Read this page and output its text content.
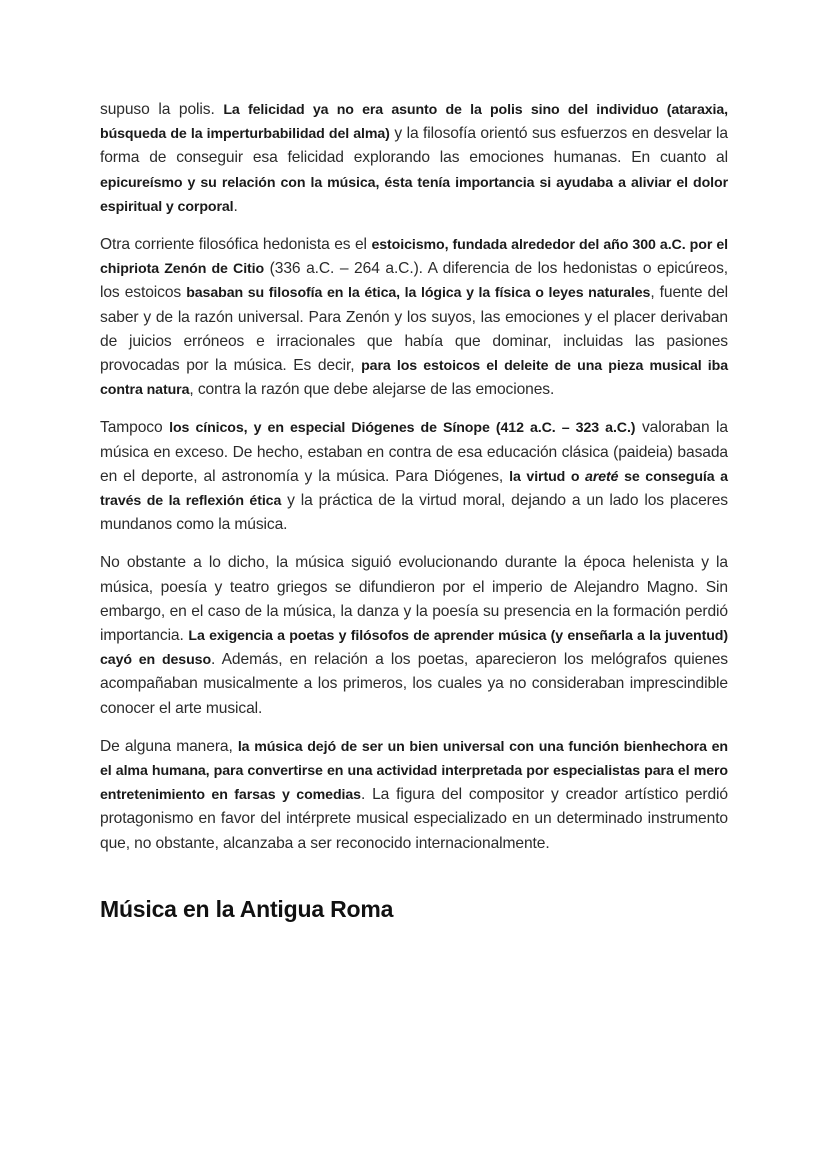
supuso la polis. La felicidad ya no era asunto de la polis sino del individuo (ataraxia, búsqueda de la imperturbabilidad del alma) y la filosofía orientó sus esfuerzos en desvelar la forma de conseguir esa felicidad explorando las emociones humanas. En cuanto al epicureísmo y su relación con la música, ésta tenía importancia si ayudaba a aliviar el dolor espiritual y corporal.

Otra corriente filosófica hedonista es el estoicismo, fundada alrededor del año 300 a.C. por el chipriota Zenón de Citio (336 a.C. – 264 a.C.). A diferencia de los hedonistas o epicúreos, los estoicos basaban su filosofía en la ética, la lógica y la física o leyes naturales, fuente del saber y de la razón universal. Para Zenón y los suyos, las emociones y el placer derivaban de juicios erróneos e irracionales que había que dominar, incluidas las pasiones provocadas por la música. Es decir, para los estoicos el deleite de una pieza musical iba contra natura, contra la razón que debe alejarse de las emociones.

Tampoco los cínicos, y en especial Diógenes de Sínope (412 a.C. – 323 a.C.) valoraban la música en exceso. De hecho, estaban en contra de esa educación clásica (paideia) basada en el deporte, al astronomía y la música. Para Diógenes, la virtud o areté se conseguía a través de la reflexión ética y la práctica de la virtud moral, dejando a un lado los placeres mundanos como la música.

No obstante a lo dicho, la música siguió evolucionando durante la época helenista y la música, poesía y teatro griegos se difundieron por el imperio de Alejandro Magno. Sin embargo, en el caso de la música, la danza y la poesía su presencia en la formación perdió importancia. La exigencia a poetas y filósofos de aprender música (y enseñarla a la juventud) cayó en desuso. Además, en relación a los poetas, aparecieron los melógrafos quienes acompañaban musicalmente a los primeros, los cuales ya no consideraban imprescindible conocer el arte musical.

De alguna manera, la música dejó de ser un bien universal con una función bienhechora en el alma humana, para convertirse en una actividad interpretada por especialistas para el mero entretenimiento en farsas y comedias. La figura del compositor y creador artístico perdió protagonismo en favor del intérprete musical especializado en un determinado instrumento que, no obstante, alcanzaba a ser reconocido internacionalmente.

Música en la Antigua Roma
